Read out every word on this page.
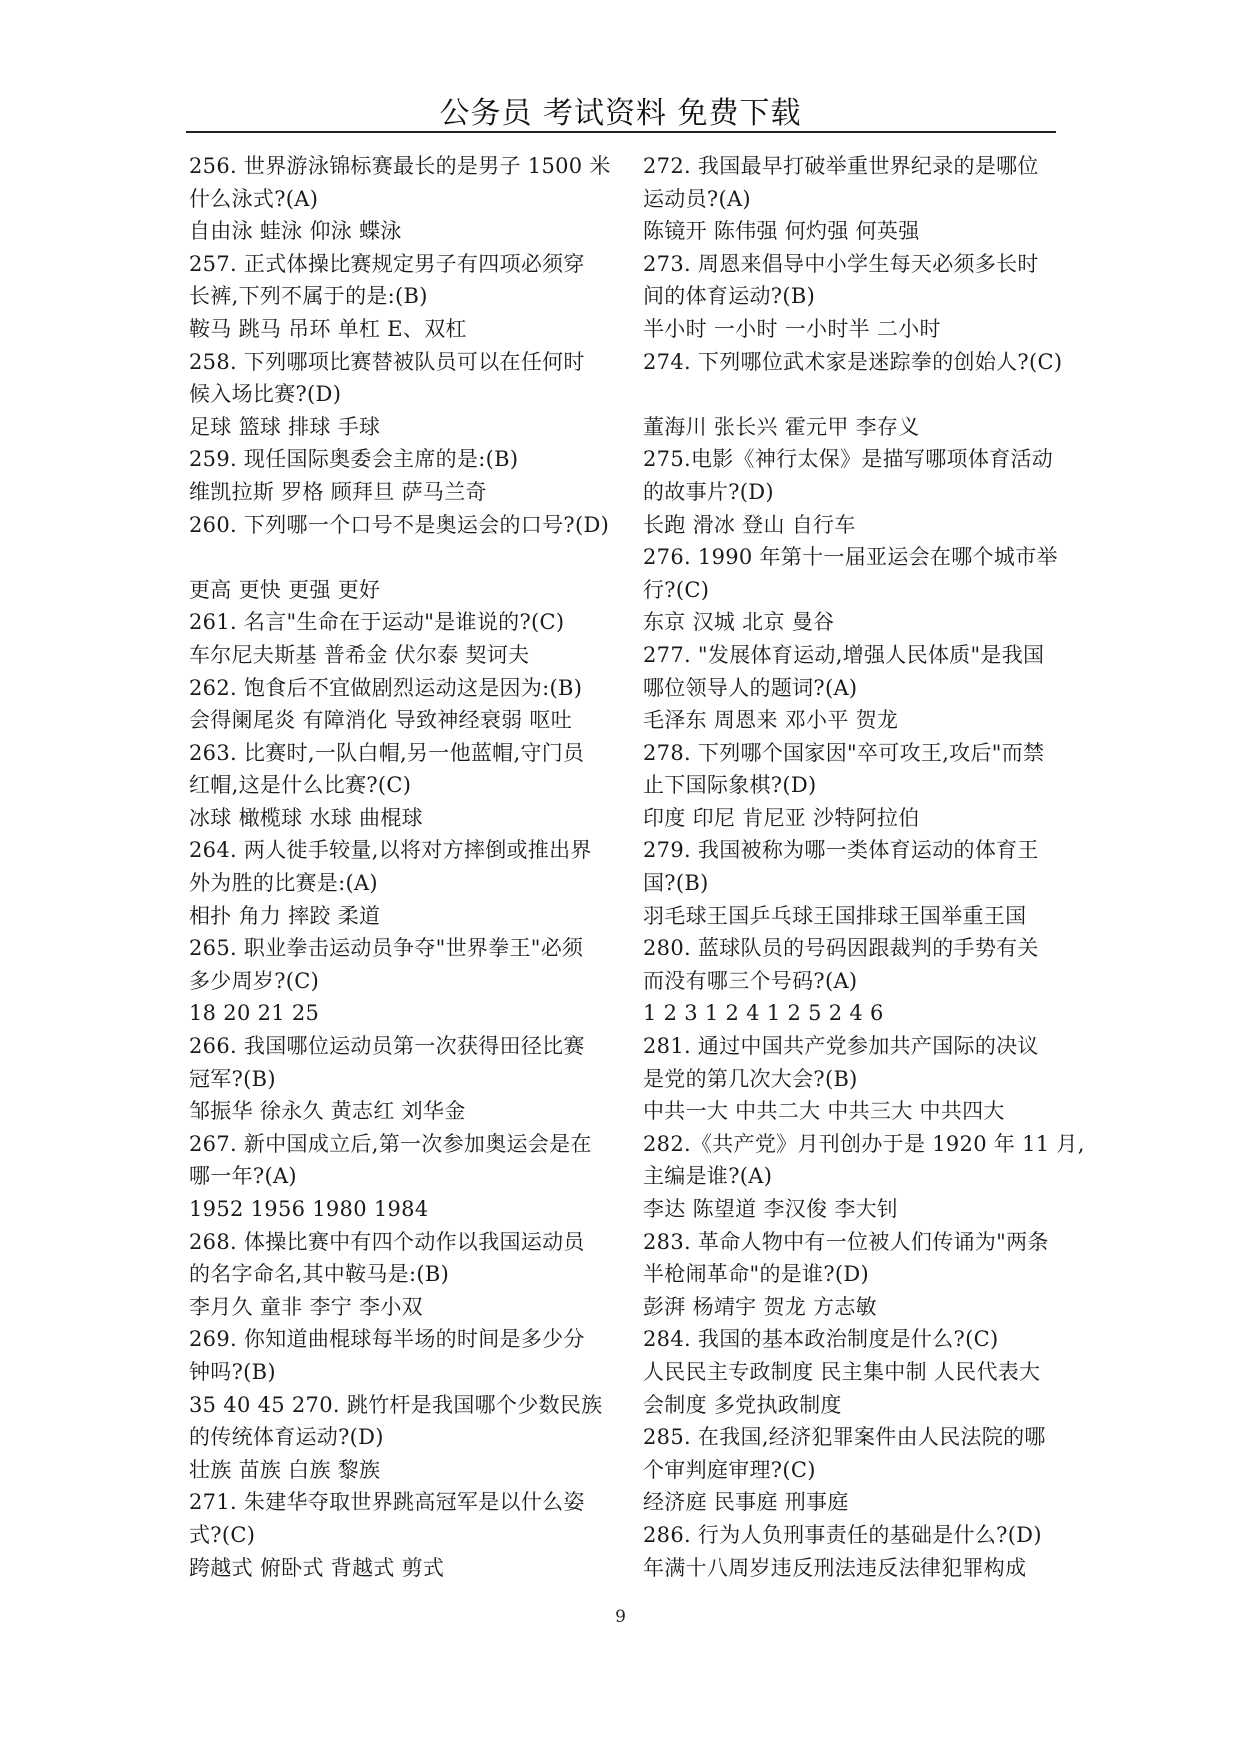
公务员 考试资料 免费下载
256. 世界游泳锦标赛最长的是男子 1500 米
什么泳式?(A)
自由泳 蛙泳 仰泳 蝶泳
257. 正式体操比赛规定男子有四项必须穿
长裤,下列不属于的是:(B)
鞍马 跳马 吊环 单杠 E、双杠
258. 下列哪项比赛替被队员可以在任何时
候入场比赛?(D)
足球 篮球 排球 手球
259. 现任国际奥委会主席的是:(B)
维凯拉斯 罗格 顾拜旦 萨马兰奇
260. 下列哪一个口号不是奥运会的口号?(D)
更高 更快 更强 更好
261. 名言"生命在于运动"是谁说的?(C)
车尔尼夫斯基 普希金 伏尔泰 契诃夫
262. 饱食后不宜做剧烈运动这是因为:(B)
会得阑尾炎 有障消化 导致神经衰弱 呕吐
263. 比赛时,一队白帽,另一他蓝帽,守门员
红帽,这是什么比赛?(C)
冰球 橄榄球 水球 曲棍球
264. 两人徙手较量,以将对方摔倒或推出界
外为胜的比赛是:(A)
相扑 角力 摔跤 柔道
265. 职业拳击运动员争夺"世界拳王"必须
多少周岁?(C)
18 20 21 25
266. 我国哪位运动员第一次获得田径比赛
冠军?(B)
邹振华 徐永久 黄志红 刘华金
267. 新中国成立后,第一次参加奥运会是在
哪一年?(A)
1952 1956 1980 1984
268. 体操比赛中有四个动作以我国运动员
的名字命名,其中鞍马是:(B)
李月久 童非 李宁 李小双
269. 你知道曲棍球每半场的时间是多少分
钟吗?(B)
35 40 45 270. 跳竹杆是我国哪个少数民族
的传统体育运动?(D)
壮族 苗族 白族 黎族
271. 朱建华夺取世界跳高冠军是以什么姿
式?(C)
跨越式 俯卧式 背越式 剪式
272. 我国最早打破举重世界纪录的是哪位
运动员?(A)
陈镜开 陈伟强 何灼强 何英强
273. 周恩来倡导中小学生每天必须多长时
间的体育运动?(B)
半小时 一小时 一小时半 二小时
274. 下列哪位武术家是迷踪拳的创始人?(C)
董海川 张长兴 霍元甲 李存义
275.电影《神行太保》是描写哪项体育活动
的故事片?(D)
长跑 滑冰 登山 自行车
276. 1990 年第十一届亚运会在哪个城市举
行?(C)
东京 汉城 北京 曼谷
277. "发展体育运动,增强人民体质"是我国
哪位领导人的题词?(A)
毛泽东 周恩来 邓小平 贺龙
278. 下列哪个国家因"卒可攻王,攻后"而禁
止下国际象棋?(D)
印度 印尼 肯尼亚 沙特阿拉伯
279. 我国被称为哪一类体育运动的体育王
国?(B)
羽毛球王国乒乓球王国排球王国举重王国
280. 蓝球队员的号码因跟裁判的手势有关
而没有哪三个号码?(A)
1 2 3 1 2 4 1 2 5 2 4 6
281. 通过中国共产党参加共产国际的决议
是党的第几次大会?(B)
中共一大 中共二大 中共三大 中共四大
282.《共产党》月刊创办于是 1920 年 11 月,
主编是谁?(A)
李达 陈望道 李汉俊 李大钊
283. 革命人物中有一位被人们传诵为"两条
半枪闹革命"的是谁?(D)
彭湃 杨靖宇 贺龙 方志敏
284. 我国的基本政治制度是什么?(C)
人民民主专政制度 民主集中制 人民代表大
会制度 多党执政制度
285. 在我国,经济犯罪案件由人民法院的哪
个审判庭审理?(C)
经济庭 民事庭 刑事庭
286. 行为人负刑事责任的基础是什么?(D)
年满十八周岁违反刑法违反法律犯罪构成
9
